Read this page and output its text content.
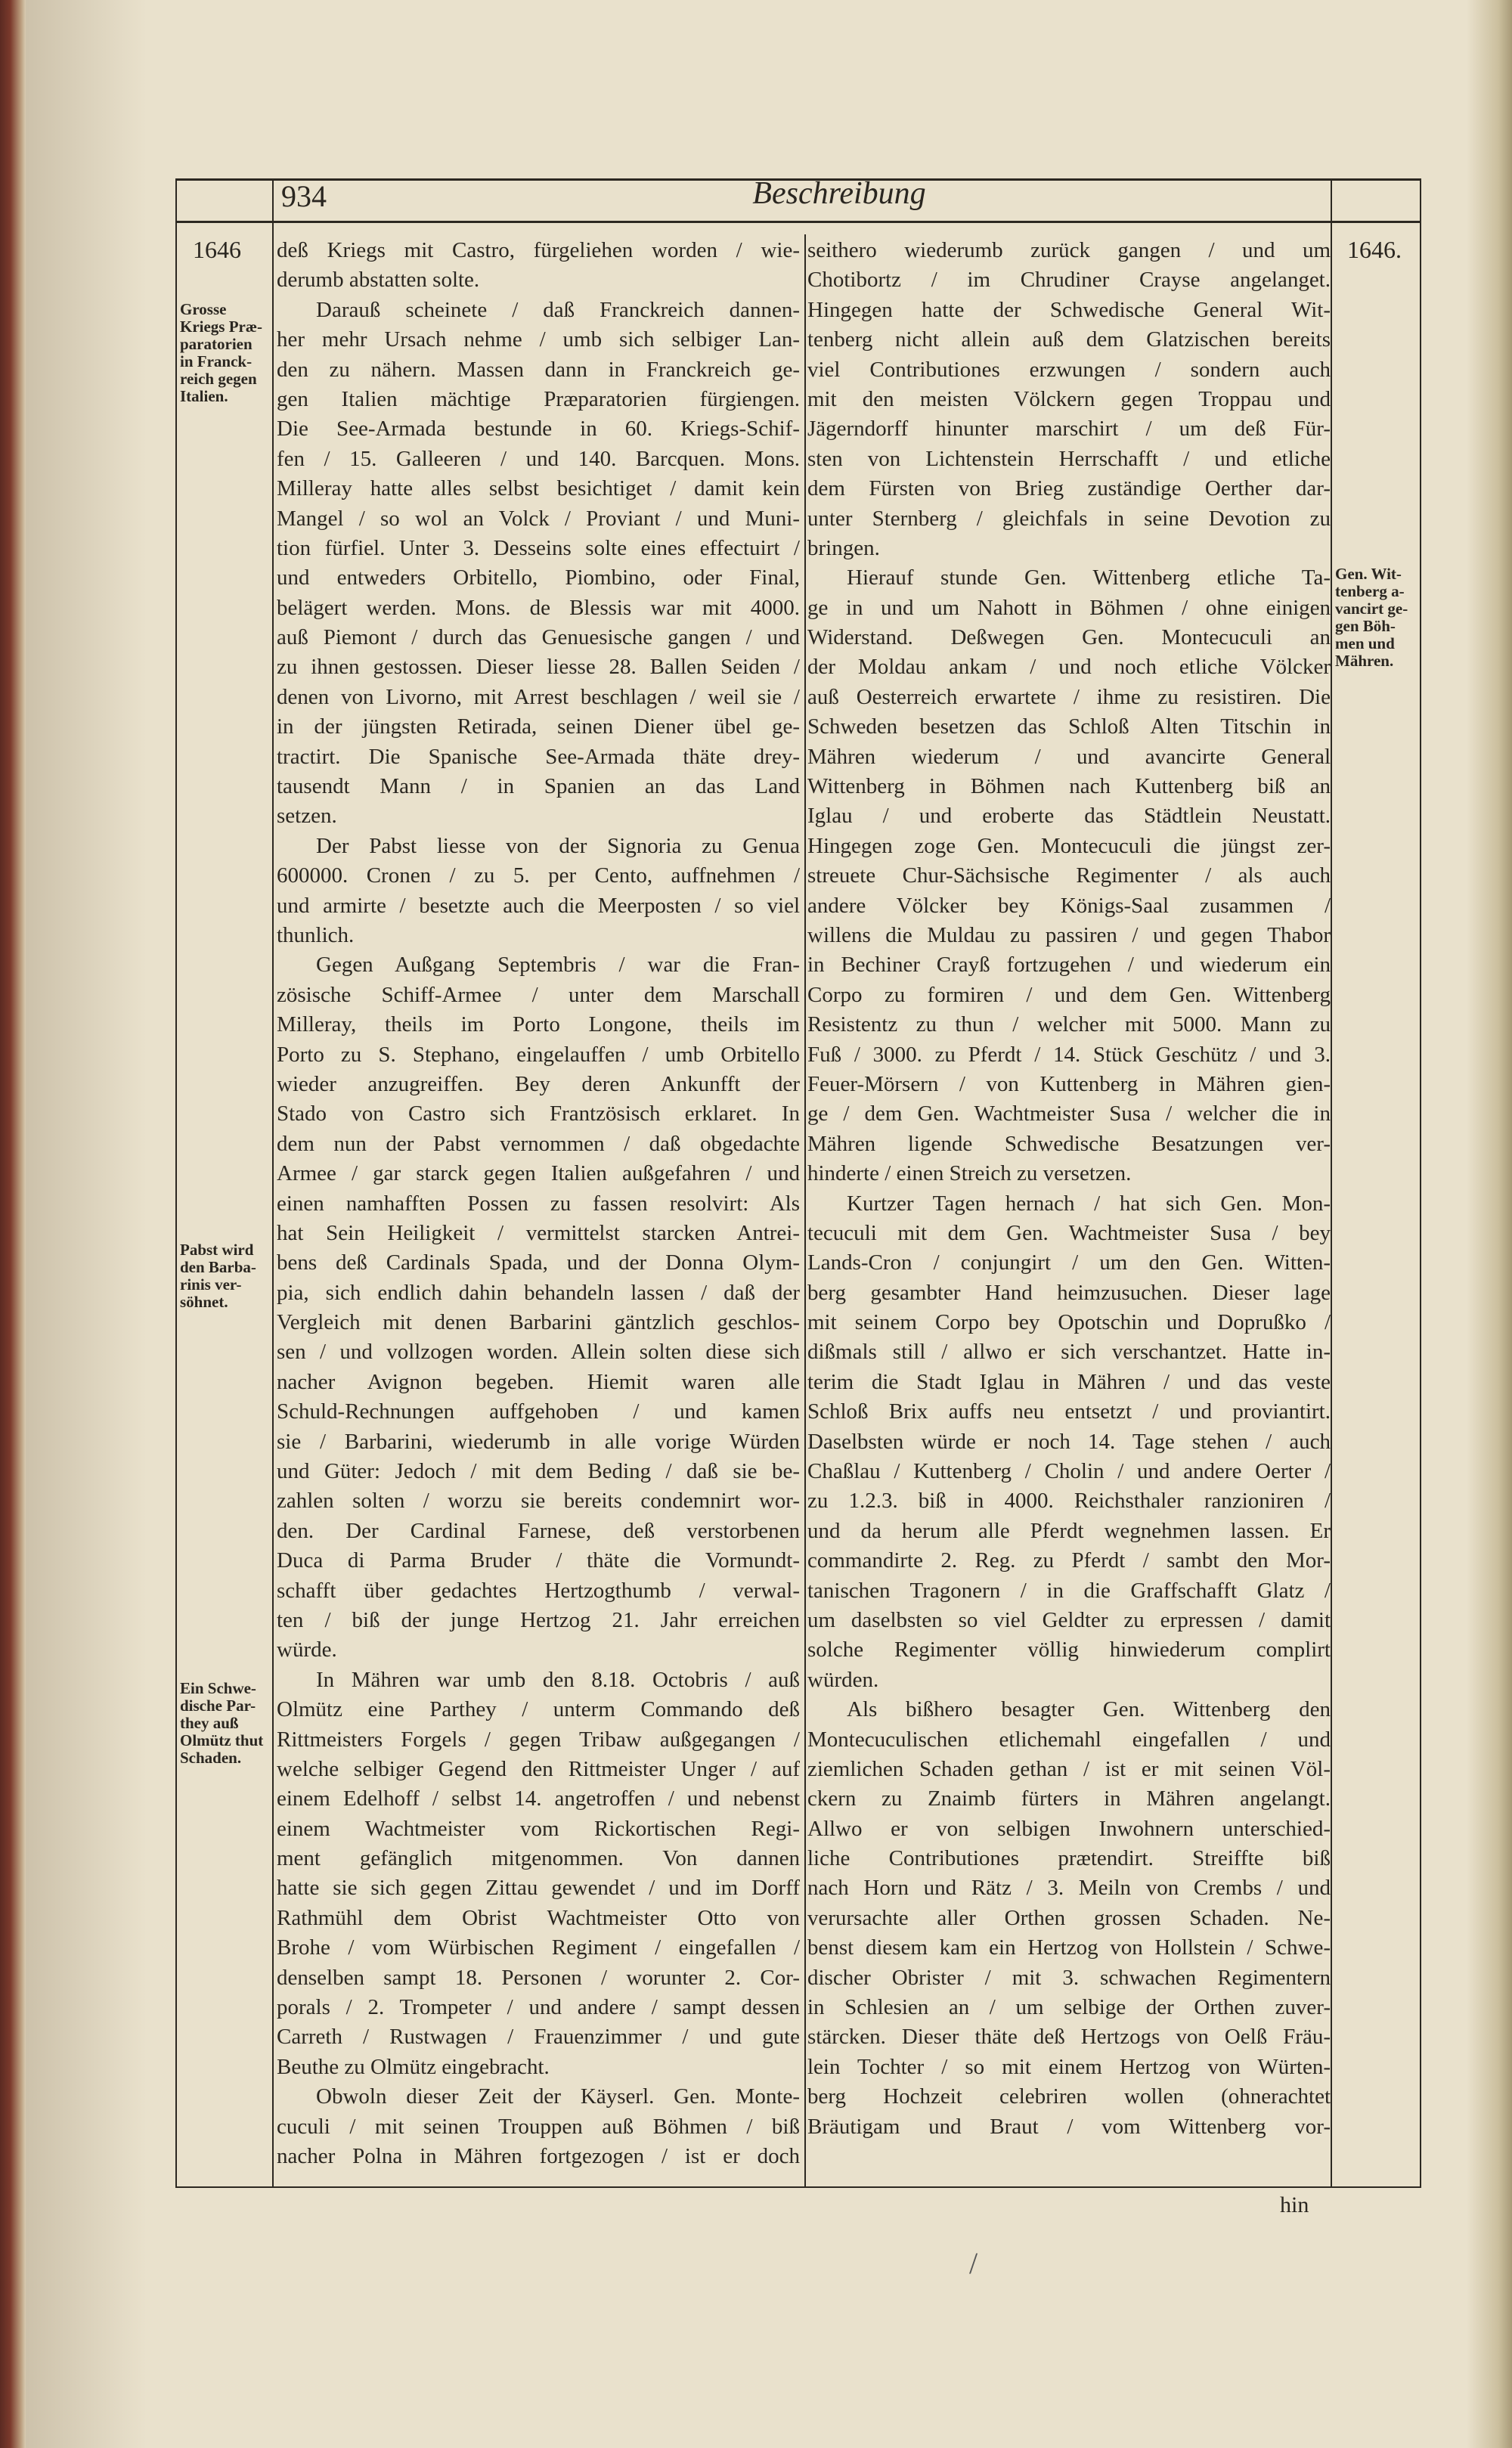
934	Beschreibung
1646	1646.
deß Kriegs mit Castro, fürgeliehen worden / wie-
derumb abstatten solte.
Darauß scheinete / daß Franckreich dannen-
her mehr Ursach nehme / umb sich selbiger Lan-
den zu nähern. Massen dann in Franckreich ge-
gen Italien mächtige Præparatorien fürgiengen.
Die See-Armada bestunde in 60. Kriegs-Schif-
fen / 15. Galleeren / und 140. Barcquen. Mons.
Milleray hatte alles selbst besichtiget / damit kein
Mangel / so wol an Volck / Proviant / und Muni-
tion fürfiel. Unter 3. Desseins solte eines effectuirt /
und entweders Orbitello, Piombino, oder Final,
belägert werden. Mons. de Blessis war mit 4000.
auß Piemont / durch das Genuesische gangen / und
zu ihnen gestossen. Dieser liesse 28. Ballen Seiden /
denen von Livorno, mit Arrest beschlagen / weil sie /
in der jüngsten Retirada, seinen Diener übel ge-
tractirt. Die Spanische See-Armada thäte drey-
tausendt Mann / in Spanien an das Land
setzen.
Der Pabst liesse von der Signoria zu Genua
600000. Cronen / zu 5. per Cento, auffnehmen /
und armirte / besetzte auch die Meerposten / so viel
thunlich.
Gegen Außgang Septembris / war die Fran-
zösische Schiff-Armee / unter dem Marschall
Milleray, theils im Porto Longone, theils im
Porto zu S. Stephano, eingelauffen / umb Orbitello
wieder anzugreiffen. Bey deren Ankunfft der
Stado von Castro sich Frantzösisch erklaret. In
dem nun der Pabst vernommen / daß obgedachte
Armee / gar starck gegen Italien außgefahren / und
einen namhafften Possen zu fassen resolvirt: Als
hat Sein Heiligkeit / vermittelst starcken Antrei-
bens deß Cardinals Spada, und der Donna Olym-
pia, sich endlich dahin behandeln lassen / daß der
Vergleich mit denen Barbarini gäntzlich geschlos-
sen / und vollzogen worden. Allein solten diese sich
nacher Avignon begeben. Hiemit waren alle
Schuld-Rechnungen auffgehoben / und kamen
sie / Barbarini, wiederumb in alle vorige Würden
und Güter: Jedoch / mit dem Beding / daß sie be-
zahlen solten / worzu sie bereits condemnirt wor-
den. Der Cardinal Farnese, deß verstorbenen
Duca di Parma Bruder / thäte die Vormundt-
schafft über gedachtes Hertzogthumb / verwal-
ten / biß der junge Hertzog 21. Jahr erreichen
würde.
In Mähren war umb den 8.18. Octobris / auß
Olmütz eine Parthey / unterm Commando deß
Rittmeisters Forgels / gegen Tribaw außgegangen /
welche selbiger Gegend den Rittmeister Unger / auf
einem Edelhoff / selbst 14. angetroffen / und nebenst
einem Wachtmeister vom Rickortischen Regi-
ment gefänglich mitgenommen. Von dannen
hatte sie sich gegen Zittau gewendet / und im Dorff
Rathmühl dem Obrist Wachtmeister Otto von
Brohe / vom Würbischen Regiment / eingefallen /
denselben sampt 18. Personen / worunter 2. Cor-
porals / 2. Trompeter / und andere / sampt dessen
Carreth / Rustwagen / Frauenzimmer / und gute
Beuthe zu Olmütz eingebracht.
Obwoln dieser Zeit der Käyserl. Gen. Monte-
cuculi / mit seinen Trouppen auß Böhmen / biß
nacher Polna in Mähren fortgezogen / ist er doch
seithero wiederumb zurück gangen / und um
Chotibortz / im Chrudiner Crayse angelanget.
Hingegen hatte der Schwedische General Wit-
tenberg nicht allein auß dem Glatzischen bereits
viel Contributiones erzwungen / sondern auch
mit den meisten Völckern gegen Troppau und
Jägerndorff hinunter marschirt / um deß Für-
sten von Lichtenstein Herrschafft / und etliche
dem Fürsten von Brieg zuständige Oerther dar-
unter Sternberg / gleichfals in seine Devotion zu
bringen.
Hierauf stunde Gen. Wittenberg etliche Ta-
ge in und um Nahott in Böhmen / ohne einigen
Widerstand. Deßwegen Gen. Montecuculi an
der Moldau ankam / und noch etliche Völcker
auß Oesterreich erwartete / ihme zu resistiren. Die
Schweden besetzen das Schloß Alten Titschin in
Mähren wiederum / und avancirte General
Wittenberg in Böhmen nach Kuttenberg biß an
Iglau / und eroberte das Städtlein Neustatt.
Hingegen zoge Gen. Montecuculi die jüngst zer-
streuete Chur-Sächsische Regimenter / als auch
andere Völcker bey Königs-Saal zusammen /
willens die Muldau zu passiren / und gegen Thabor
in Bechiner Crayß fortzugehen / und wiederum ein
Corpo zu formiren / und dem Gen. Wittenberg
Resistentz zu thun / welcher mit 5000. Mann zu
Fuß / 3000. zu Pferdt / 14. Stück Geschütz / und 3.
Feuer-Mörsern / von Kuttenberg in Mähren gien-
ge / dem Gen. Wachtmeister Susa / welcher die in
Mähren ligende Schwedische Besatzungen ver-
hinderte / einen Streich zu versetzen.
Kurtzer Tagen hernach / hat sich Gen. Mon-
tecuculi mit dem Gen. Wachtmeister Susa / bey
Lands-Cron / conjungirt / um den Gen. Witten-
berg gesambter Hand heimzusuchen. Dieser lage
mit seinem Corpo bey Opotschin und Doprußko /
dißmals still / allwo er sich verschantzet. Hatte in-
terim die Stadt Iglau in Mähren / und das veste
Schloß Brix auffs neu entsetzt / und proviantirt.
Daselbsten würde er noch 14. Tage stehen / auch
Chaßlau / Kuttenberg / Cholin / und andere Oerter /
zu 1.2.3. biß in 4000. Reichsthaler ranzioniren /
und da herum alle Pferdt wegnehmen lassen. Er
commandirte 2. Reg. zu Pferdt / sambt den Mor-
tanischen Tragonern / in die Graffschafft Glatz /
um daselbsten so viel Geldter zu erpressen / damit
solche Regimenter völlig hinwiederum complirt
würden.
Als bißhero besagter Gen. Wittenberg den
Montecuculischen etlichemahl eingefallen / und
ziemlichen Schaden gethan / ist er mit seinen Völ-
ckern zu Znaimb fürters in Mähren angelangt.
Allwo er von selbigen Inwohnern unterschied-
liche Contributiones prætendirt. Streiffte biß
nach Horn und Rätz / 3. Meiln von Crembs / und
verursachte aller Orthen grossen Schaden. Ne-
benst diesem kam ein Hertzog von Hollstein / Schwe-
discher Obrister / mit 3. schwachen Regimentern
in Schlesien an / um selbige der Orthen zuver-
stärcken. Dieser thäte deß Hertzogs von Oelß Fräu-
lein Tochter / so mit einem Hertzog von Würten-
berg Hochzeit celebriren wollen (ohnerachtet
Bräutigam und Braut / vom Wittenberg vor-
Grosse
Kriegs Præ-
paratorien
in Franck-
reich gegen
Italien.
Pabst wird
den Barba-
rinis ver-
söhnet.
Ein Schwe-
dische Par-
they auß
Olmütz thut
Schaden.
Gen. Wit-
tenberg a-
vancirt ge-
gen Böh-
men und
Mähren.
hin
/
